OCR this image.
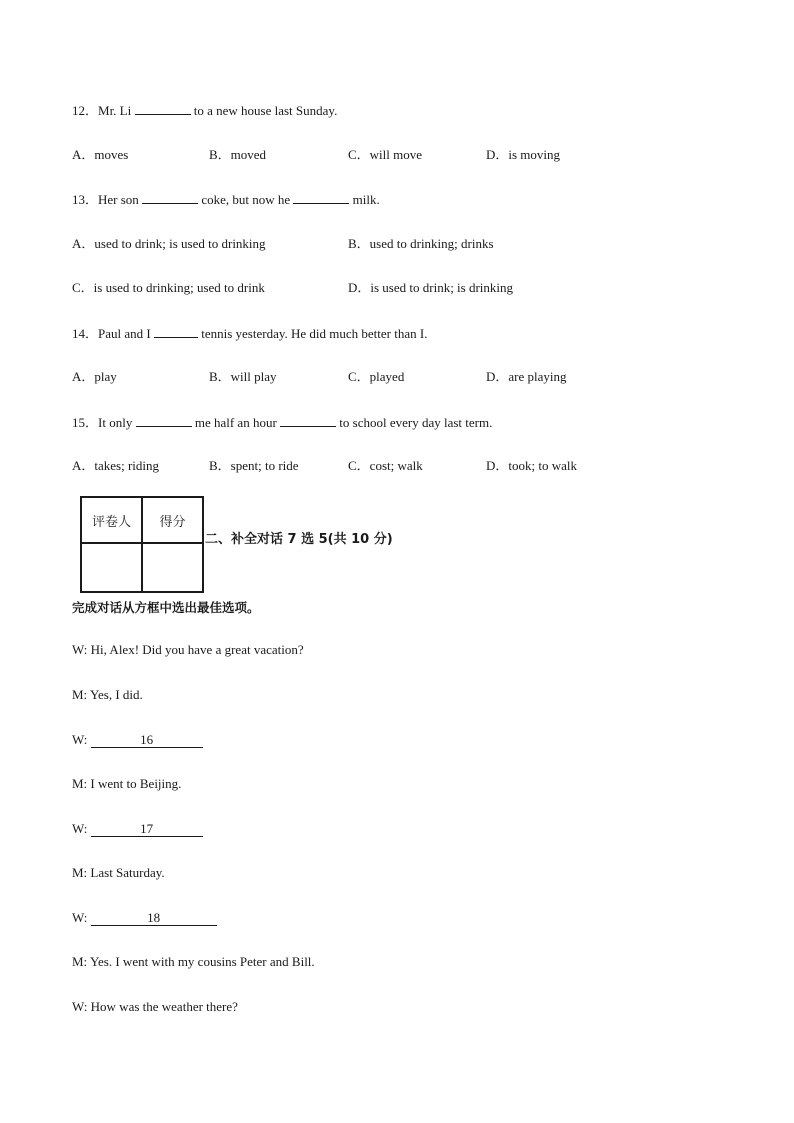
12．Mr. Li	to a new house last Sunday.
A．moves	B．moved	C．will move	D．is moving
13．Her son	coke, but now he	milk.
A．used to drink; is used to drinking	B．used to drinking; drinks
C．is used to drinking; used to drink	D．is used to drink; is drinking
14．Paul and I	tennis yesterday. He did much better than I.
A．play	B．will play	C．played	D．are playing
15．It only	me half an hour	to school every day last term.
A．takes; riding	B．spent; to ride	C．cost; walk	D．took; to walk
评卷人	得分

二、补全对话 7 选 5(共 10 分)
完成对话从方框中选出最佳选项。
W: Hi, Alex! Did you have a great vacation?
M: Yes, I did.
W:	16
M: I went to Beijing.
W:	17
M: Last Saturday.
W:	18
M: Yes. I went with my cousins Peter and Bill.
W: How was the weather there?
